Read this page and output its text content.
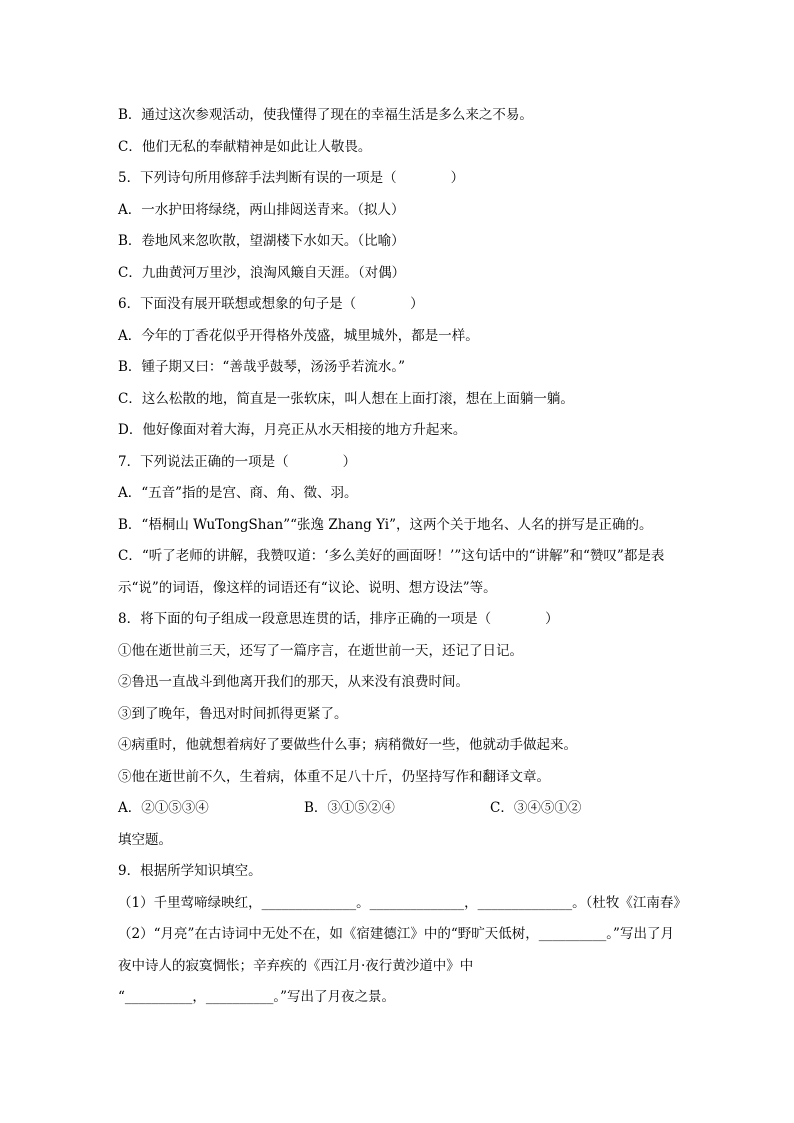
B．通过这次参观活动，使我懂得了现在的幸福生活是多么来之不易。
C．他们无私的奉献精神是如此让人敬畏。
5．下列诗句所用修辞手法判断有误的一项是（　　　　）
A．一水护田将绿绕，两山排闼送青来。（拟人）
B．卷地风来忽吹散，望湖楼下水如天。（比喻）
C．九曲黄河万里沙，浪淘风簸自天涯。（对偶）
6．下面没有展开联想或想象的句子是（　　　　）
A．今年的丁香花似乎开得格外茂盛，城里城外，都是一样。
B．锺子期又曰：“善哉乎鼓琴，汤汤乎若流水。”
C．这么松散的地，简直是一张软床，叫人想在上面打滚，想在上面躺一躺。
D．他好像面对着大海，月亮正从水天相接的地方升起来。
7．下列说法正确的一项是（　　　　）
A．“五音”指的是宫、商、角、徵、羽。
B．“梧桐山 WuTongShan”“张逸 Zhang Yi”，这两个关于地名、人名的拼写是正确的。
C．“听了老师的讲解，我赞叹道：‘多么美好的画面呀！’”这句话中的“讲解”和“赞叹”都是表示“说”的词语，像这样的词语还有“议论、说明、想方设法”等。
8．将下面的句子组成一段意思连贯的话，排序正确的一项是（　　　　）
①他在逝世前三天，还写了一篇序言，在逝世前一天，还记了日记。
②鲁迅一直战斗到他离开我们的那天，从来没有浪费时间。
③到了晚年，鲁迅对时间抓得更紧了。
④病重时，他就想着病好了要做些什么事；病稍微好一些，他就动手做起来。
⑤他在逝世前不久，生着病，体重不足八十斤，仍坚持写作和翻译文章。
A．②①⑤③④	B．③①⑤②④	C．③④⑤①②
填空题。
9．根据所学知识填空。
（1）千里莺啼绿映红，______________。______________，______________。（杜牧《江南春》
（2）“月亮”在古诗词中无处不在，如《宿建德江》中的“野旷天低树，__________。”写出了月夜中诗人的寂寞惆怅；辛弃疾的《西江月·夜行黄沙道中》中
“__________，__________。”写出了月夜之景。
